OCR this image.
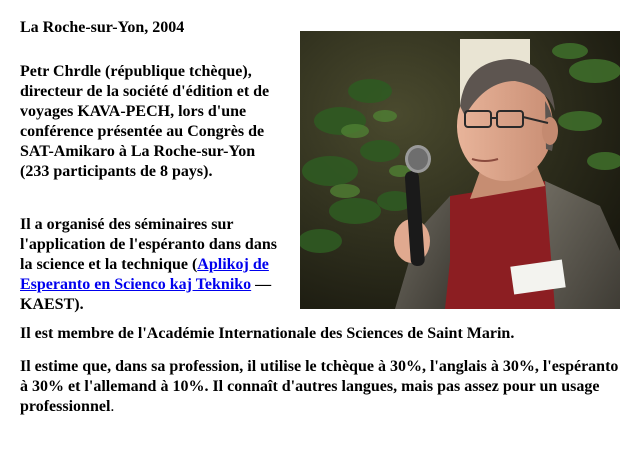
La Roche-sur-Yon, 2004
Petr Chrdle (république tchèque), directeur de la société d'édition et de voyages KAVA-PECH, lors d'une conférence présentée au Congrès de SAT-Amikaro à La Roche-sur-Yon (233 participants de 8 pays).
Il a organisé des séminaires sur l'application de l'espéranto dans dans la science et la technique (Aplikoj de Esperanto en Scienco kaj Tekniko — KAEST).
Il est membre de l'Académie Internationale des Sciences de Saint Marin.
Il estime que, dans sa profession, il utilise le tchèque à 30%, l'anglais à 30%, l'espéranto à 30% et l'allemand à 10%. Il connaît d'autres langues, mais pas assez pour un usage professionnel.
